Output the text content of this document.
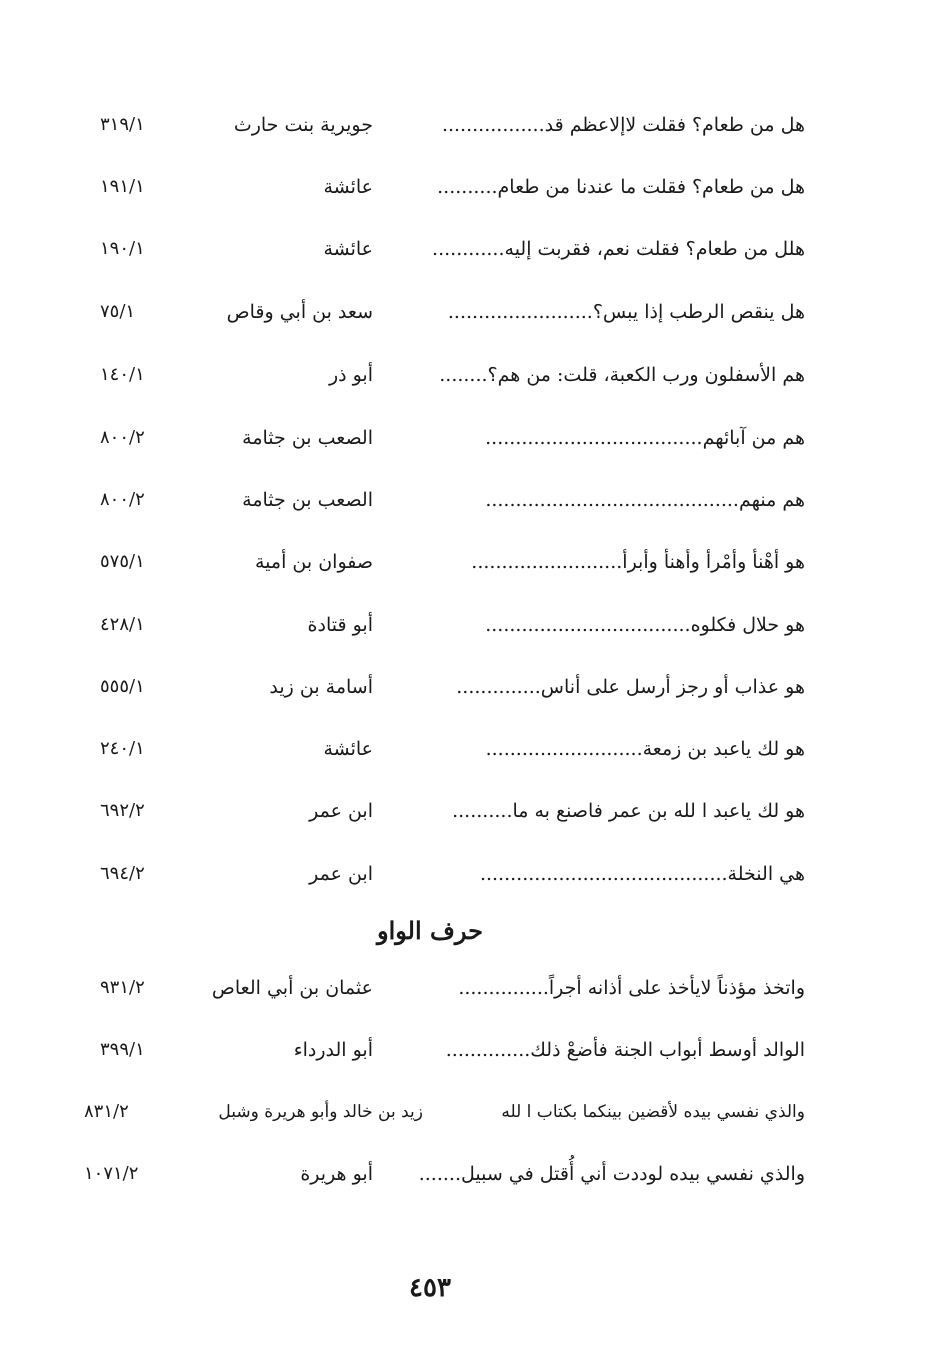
هل من طعام؟ فقلت لاإلاعظم قد.................
جويرية بنت حارث
٣١٩/١
هل من طعام؟ فقلت ما عندنا من طعام..........
عائشة
١٩١/١
هلل من طعام؟ فقلت نعم، فقربت إليه............
عائشة
١٩٠/١
هل ينقص الرطب إذا يبس؟........................
سعد بن أبي وقاص
٧٥/١
هم الأسفلون ورب الكعبة، قلت: من هم؟........
أبو ذر
١٤٠/١
هم من آبائهم....................................
الصعب بن جثامة
٨٠٠/٢
هم منهم..........................................
الصعب بن جثامة
٨٠٠/٢
هو أهْنأ وأمْرأ وأهنأ وأبرأ.........................
صفوان بن أمية
٥٧٥/١
هو حلال فكلوه..................................
أبو قتادة
٤٢٨/١
هو عذاب أو رجز أرسل على أناس..............
أسامة بن زيد
٥٥٥/١
هو لك ياعبد بن زمعة..........................
عائشة
٢٤٠/١
هو لك ياعبد ا لله بن عمر فاصنع به ما..........
ابن عمر
٦٩٢/٢
هي النخلة.........................................
ابن عمر
٦٩٤/٢
حرف الواو
واتخذ مؤذناً لايأخذ على أذانه أجراً...............
عثمان بن أبي العاص
٩٣١/٢
الوالد أوسط أبواب الجنة فأضعْ ذلك..............
أبو الدرداء
٣٩٩/١
والذي نفسي بيده لأقضين بينكما بكتاب ا لله
زيد بن خالد وأبو هريرة وشبل
٨٣١/٢
والذي نفسي بيده لوددت أني أُقتل في سبيل.......
أبو هريرة
١٠٧١/٢
٤٥٣
